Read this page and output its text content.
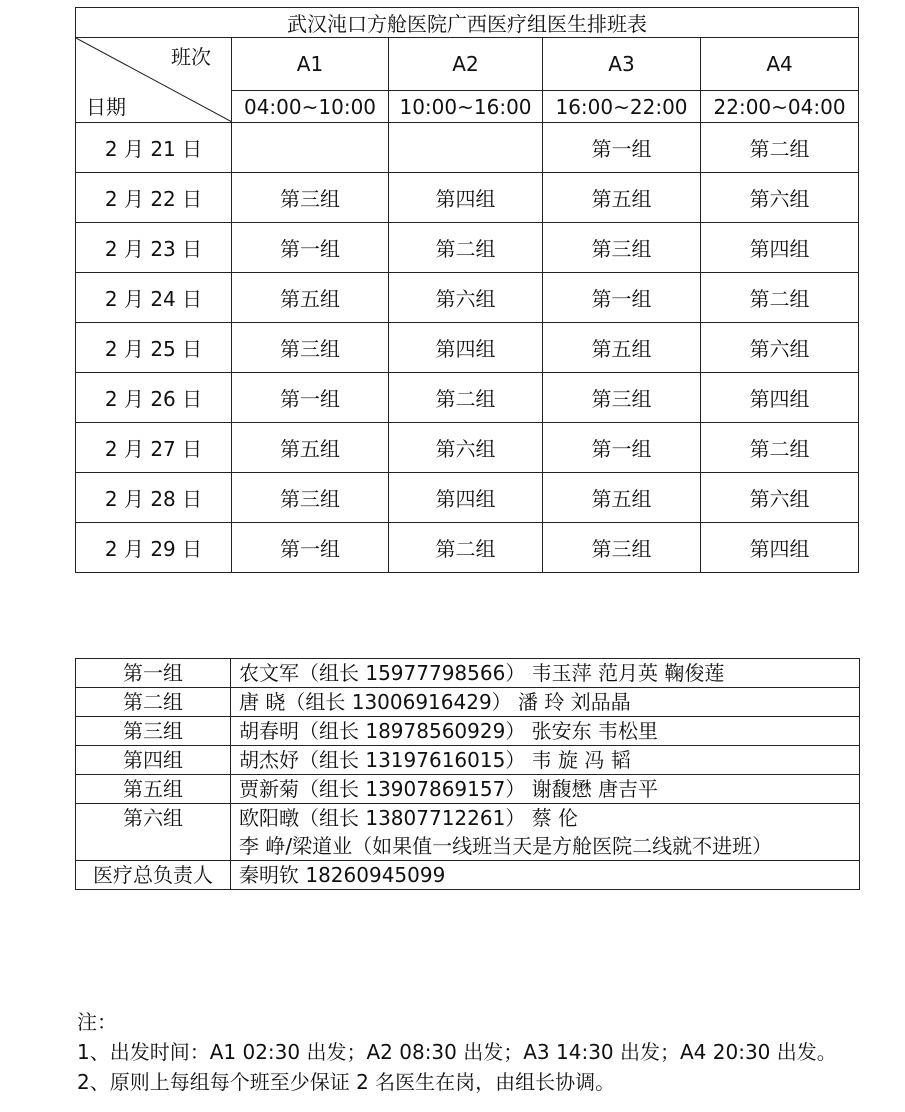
武汉沌口方舱医院广西医疗组医生排班表				

班次
日期	A1	A2	A3	A4
	04:00~10:00	10:00~16:00	16:00~22:00	22:00~04:00
2 月 21 日			第一组	第二组
2 月 22 日	第三组	第四组	第五组	第六组
2 月 23 日	第一组	第二组	第三组	第四组
2 月 24 日	第五组	第六组	第一组	第二组
2 月 25 日	第三组	第四组	第五组	第六组
2 月 26 日	第一组	第二组	第三组	第四组
2 月 27 日	第五组	第六组	第一组	第二组
2 月 28 日	第三组	第四组	第五组	第六组
2 月 29 日	第一组	第二组	第三组	第四组
第一组	农文军（组长 15977798566） 韦玉萍 范月英 鞠俊莲

第二组	唐 晓（组长 13006916429） 潘 玲 刘品晶

第三组	胡春明（组长 18978560929） 张安东 韦松里

第四组	胡杰妤（组长 13197616015） 韦 旋 冯 韬

第五组	贾新菊（组长 13907869157） 谢馥懋 唐吉平

第六组	欧阳暾（组长 13807712261） 蔡 伦
李 峥/梁道业（如果值一线班当天是方舱医院二线就不进班）

医疗总负责人	秦明钦 18260945099
注：
1、出发时间：A1 02:30 出发；A2 08:30 出发；A3 14:30 出发；A4 20:30 出发。
2、原则上每组每个班至少保证 2 名医生在岗，由组长协调。
